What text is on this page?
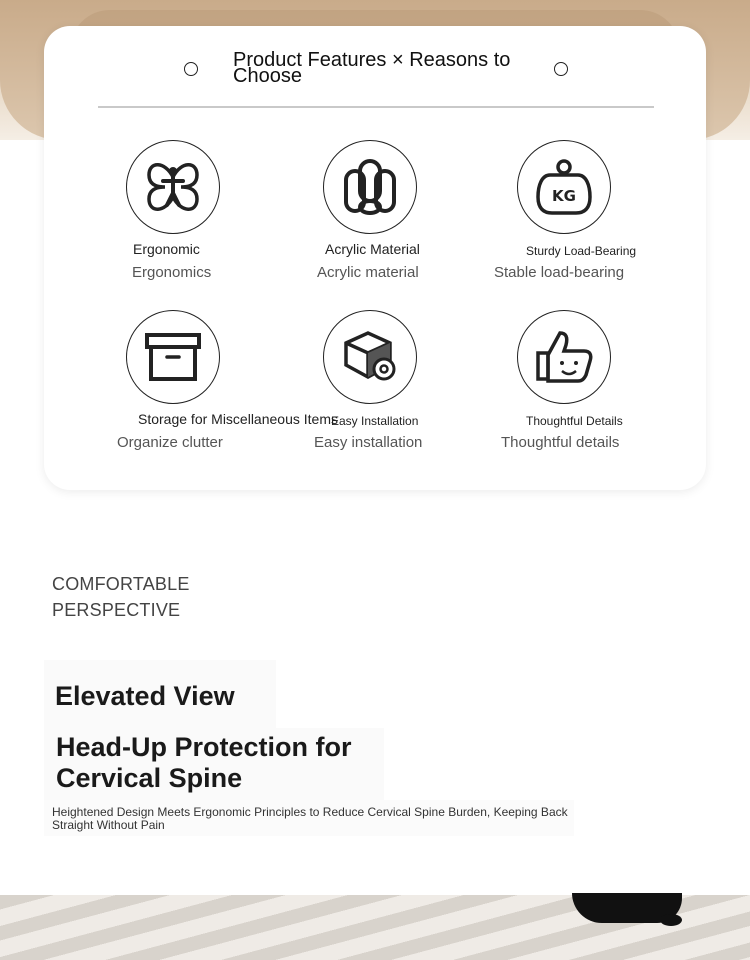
Product Features × Reasons to Choose
Ergonomic
Ergonomics
Acrylic Material
Acrylic material
KG
Sturdy Load-Bearing
Stable load-bearing
Storage for Miscellaneous Items
Organize clutter
Easy Installation
Easy installation
Thoughtful Details
Thoughtful details
COMFORTABLE
PERSPECTIVE
Elevated View
Head-Up Protection for Cervical Spine
Heightened Design Meets Ergonomic Principles to Reduce Cervical Spine Burden, Keeping Back Straight Without Pain
